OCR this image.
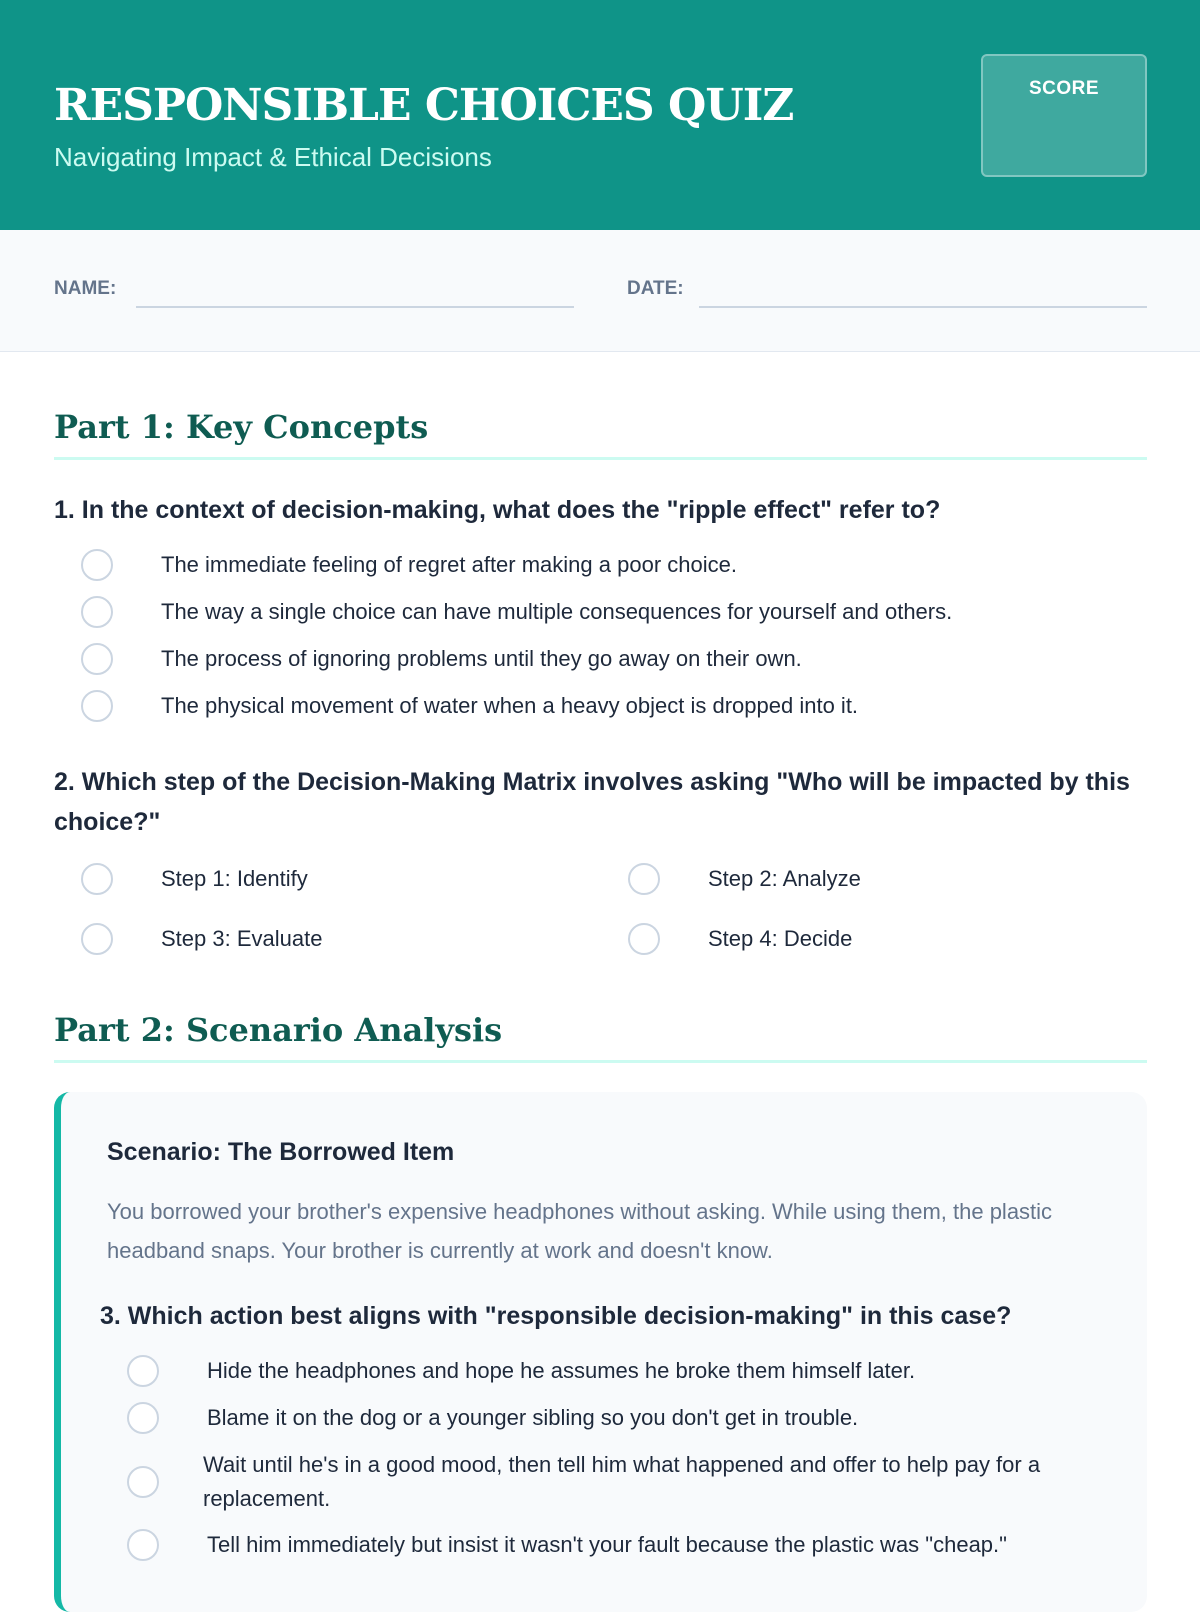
RESPONSIBLE CHOICES QUIZ
Navigating Impact & Ethical Decisions
SCORE
NAME:	DATE:
Part 1: Key Concepts
1. In the context of decision-making, what does the "ripple effect" refer to?
The immediate feeling of regret after making a poor choice.
The way a single choice can have multiple consequences for yourself and others.
The process of ignoring problems until they go away on their own.
The physical movement of water when a heavy object is dropped into it.
2. Which step of the Decision-Making Matrix involves asking "Who will be impacted by this choice?"
Step 1: Identify	Step 2: Analyze
Step 3: Evaluate	Step 4: Decide
Part 2: Scenario Analysis
Scenario: The Borrowed Item
You borrowed your brother's expensive headphones without asking. While using them, the plastic headband snaps. Your brother is currently at work and doesn't know.
3. Which action best aligns with "responsible decision-making" in this case?
Hide the headphones and hope he assumes he broke them himself later.
Blame it on the dog or a younger sibling so you don't get in trouble.
Wait until he's in a good mood, then tell him what happened and offer to help pay for a replacement.
Tell him immediately but insist it wasn't your fault because the plastic was "cheap."
